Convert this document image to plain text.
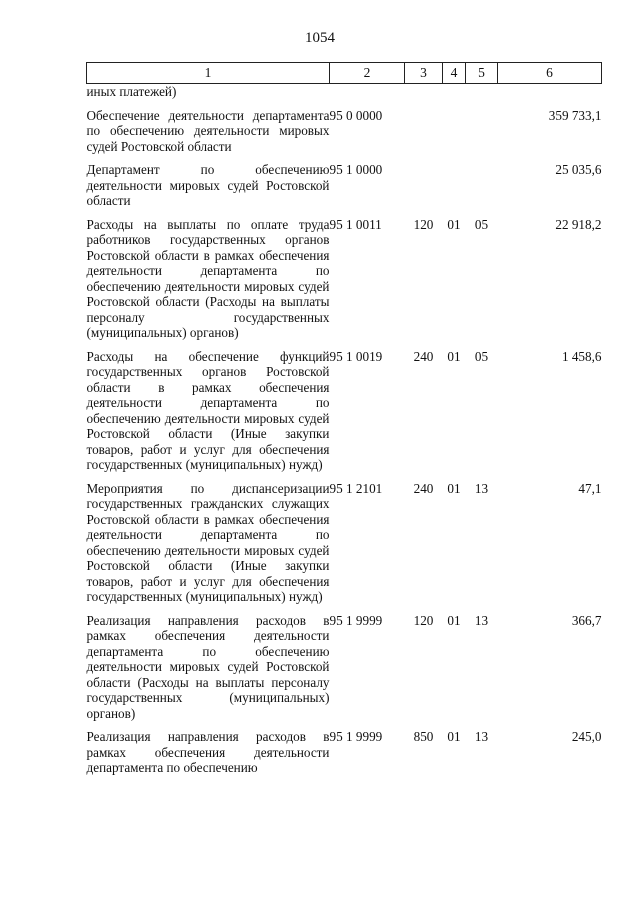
1054
1	2	3	4	5	6
иных платежей)					
Обеспечение деятельности департамента по обеспечению деятельности мировых судей Ростовской области	95 0 0000				359 733,1
Департамент по обеспечению деятельности мировых судей Ростовской области	95 1 0000				25 035,6
Расходы на выплаты по оплате труда работников государственных органов Ростовской области в рамках обеспечения деятельности департамента по обеспечению деятельности мировых судей Ростовской области (Расходы на выплаты персоналу государственных (муниципальных) органов)	95 1 0011	120	01	05	22 918,2
Расходы на обеспечение функций государственных органов Ростовской области в рамках обеспечения деятельности департамента по обеспечению деятельности мировых судей Ростовской области (Иные закупки товаров, работ и услуг для обеспечения государственных (муниципальных) нужд)	95 1 0019	240	01	05	1 458,6
Мероприятия по диспансеризации государственных гражданских служащих Ростовской области в рамках обеспечения деятельности департамента по обеспечению деятельности мировых судей Ростовской области (Иные закупки товаров, работ и услуг для обеспечения государственных (муниципальных) нужд)	95 1 2101	240	01	13	47,1
Реализация направления расходов в рамках обеспечения деятельности департамента по обеспечению деятельности мировых судей Ростовской области (Расходы на выплаты персоналу государственных (муниципальных) органов)	95 1 9999	120	01	13	366,7
Реализация направления расходов в рамках обеспечения деятельности департамента по обеспечению	95 1 9999	850	01	13	245,0
